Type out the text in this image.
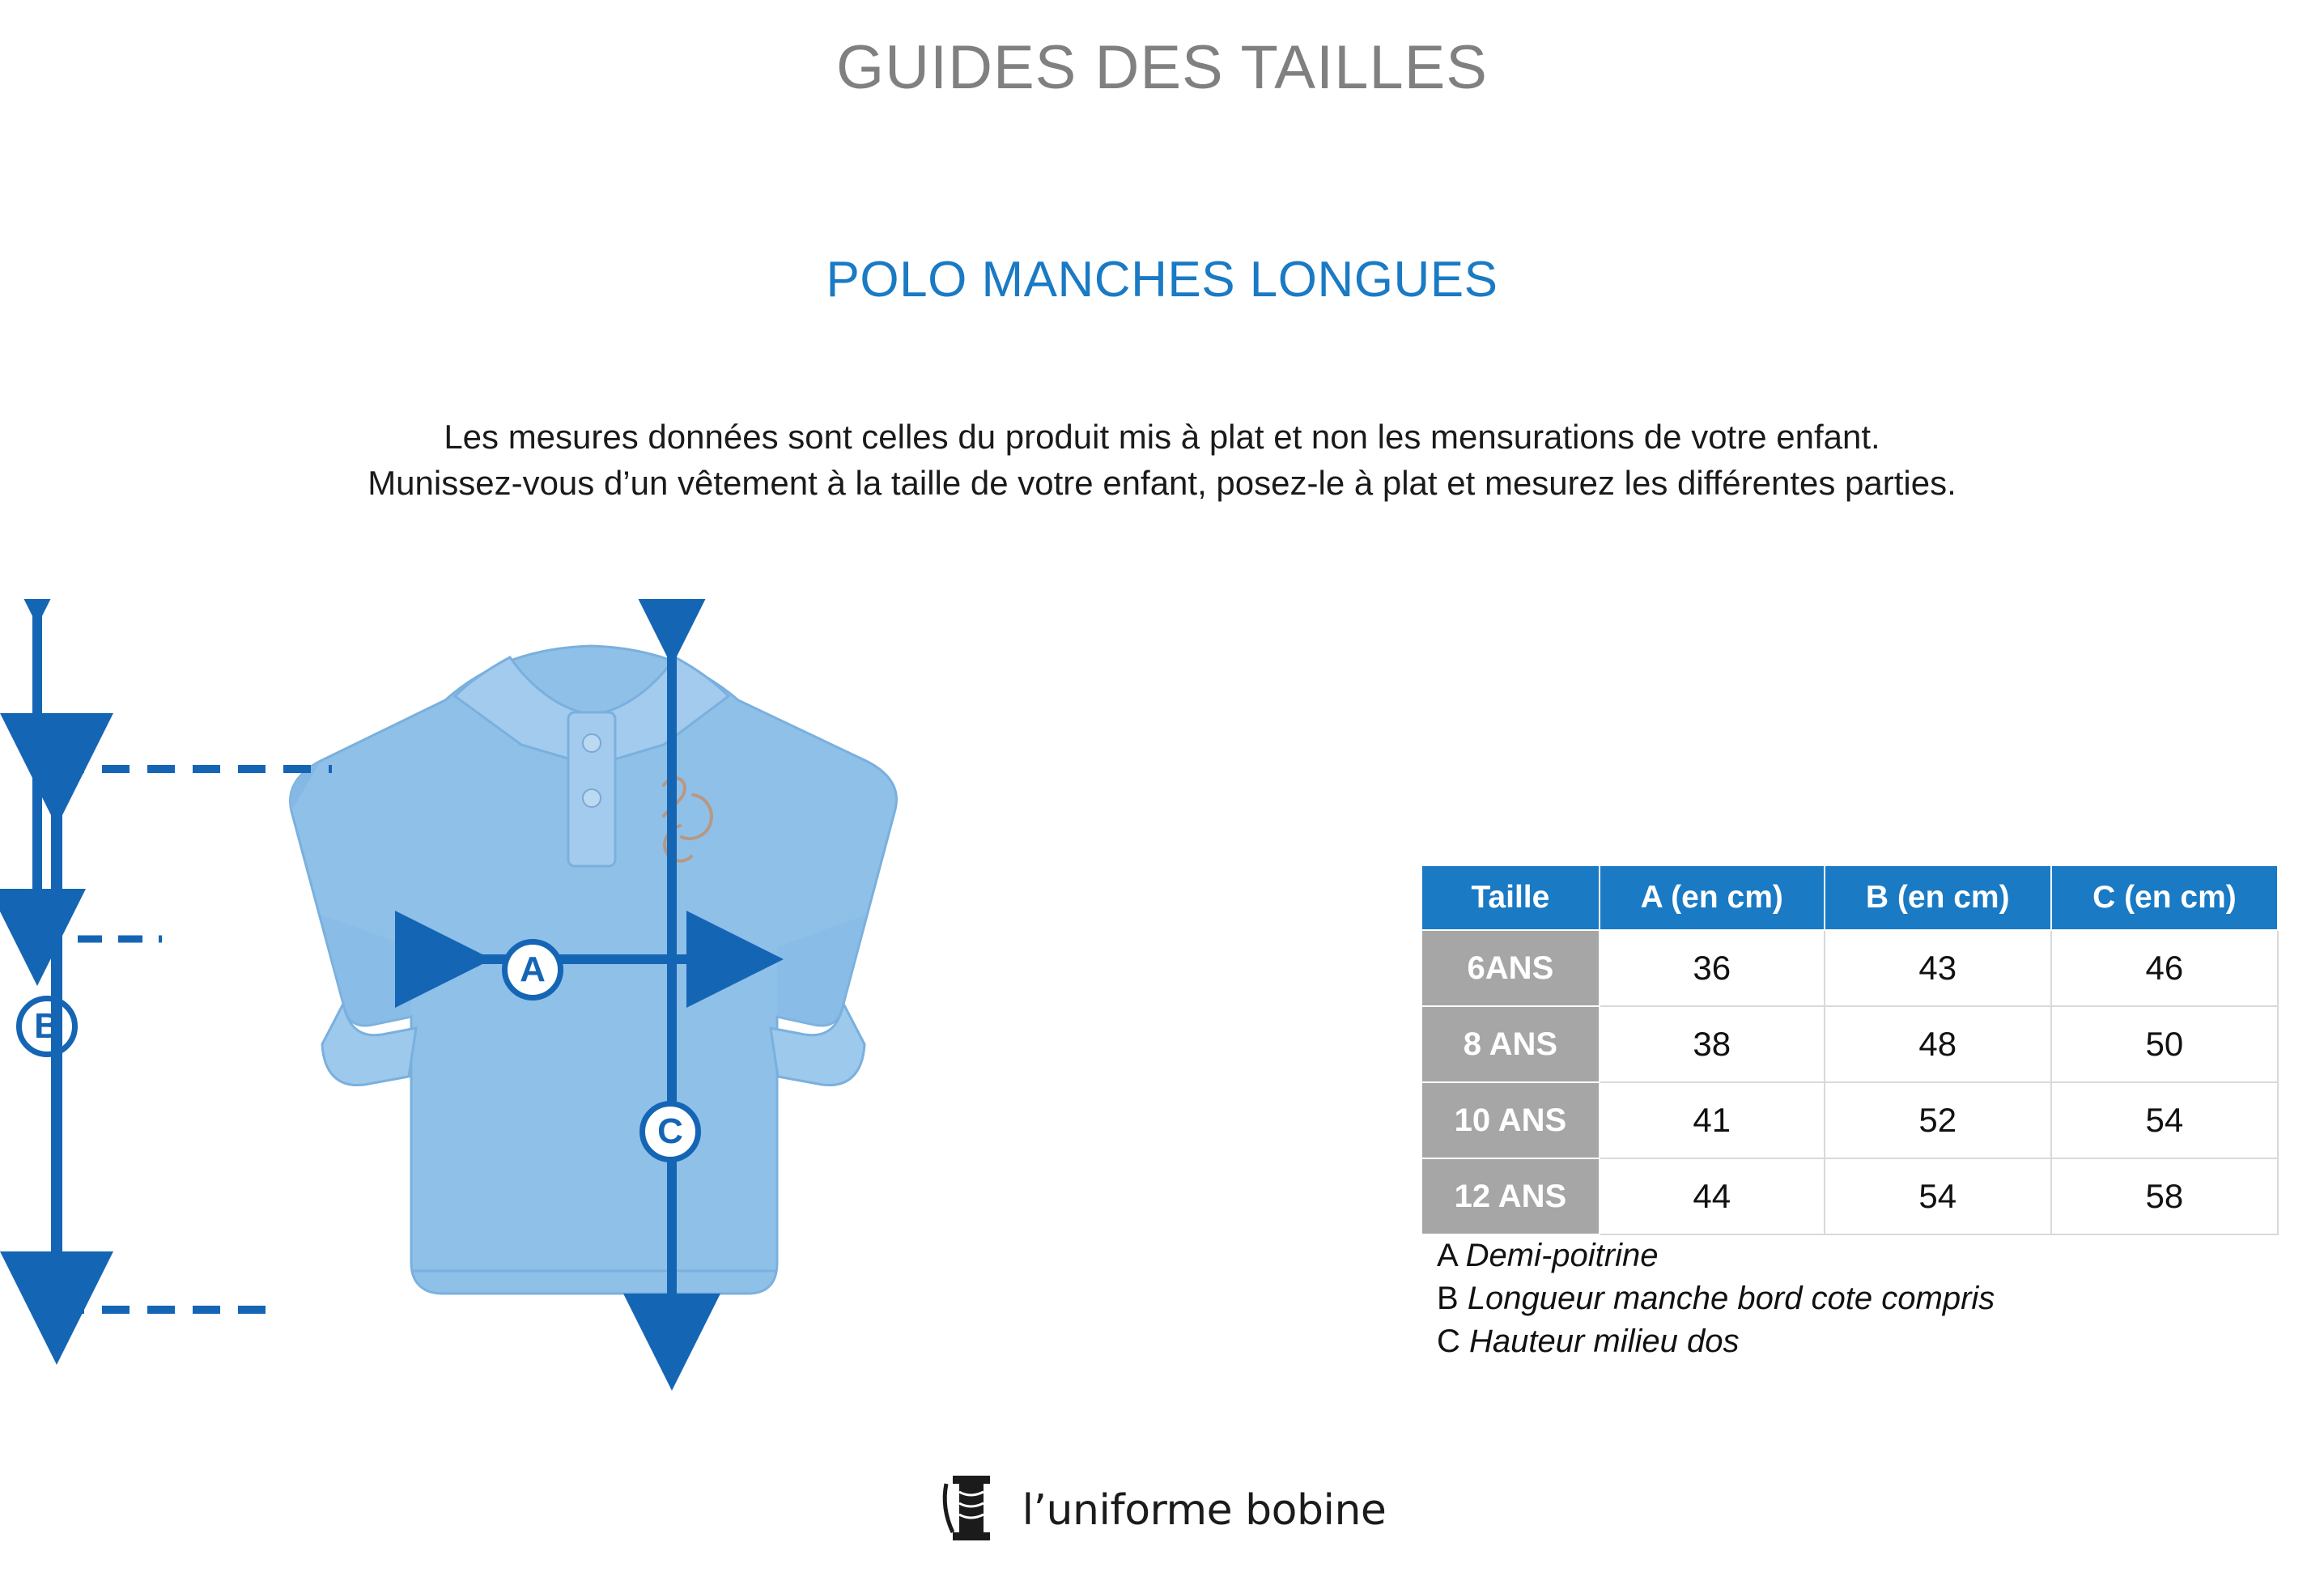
GUIDES DES TAILLES
POLO MANCHES LONGUES
Les mesures données sont celles du produit mis à plat et non les mensurations de votre enfant.
Munissez-vous d’un vêtement à la taille de votre enfant, posez-le à plat et mesurez les différentes parties.
A
B
C
Taille	A (en cm)	B (en cm)	C (en cm)
6ANS	36	43	46
8 ANS	38	48	50
10 ANS	41	52	54
12 ANS	44	54	58
A Demi-poitrine
B Longueur manche bord cote compris
C Hauteur milieu dos
l’uniforme bobine
